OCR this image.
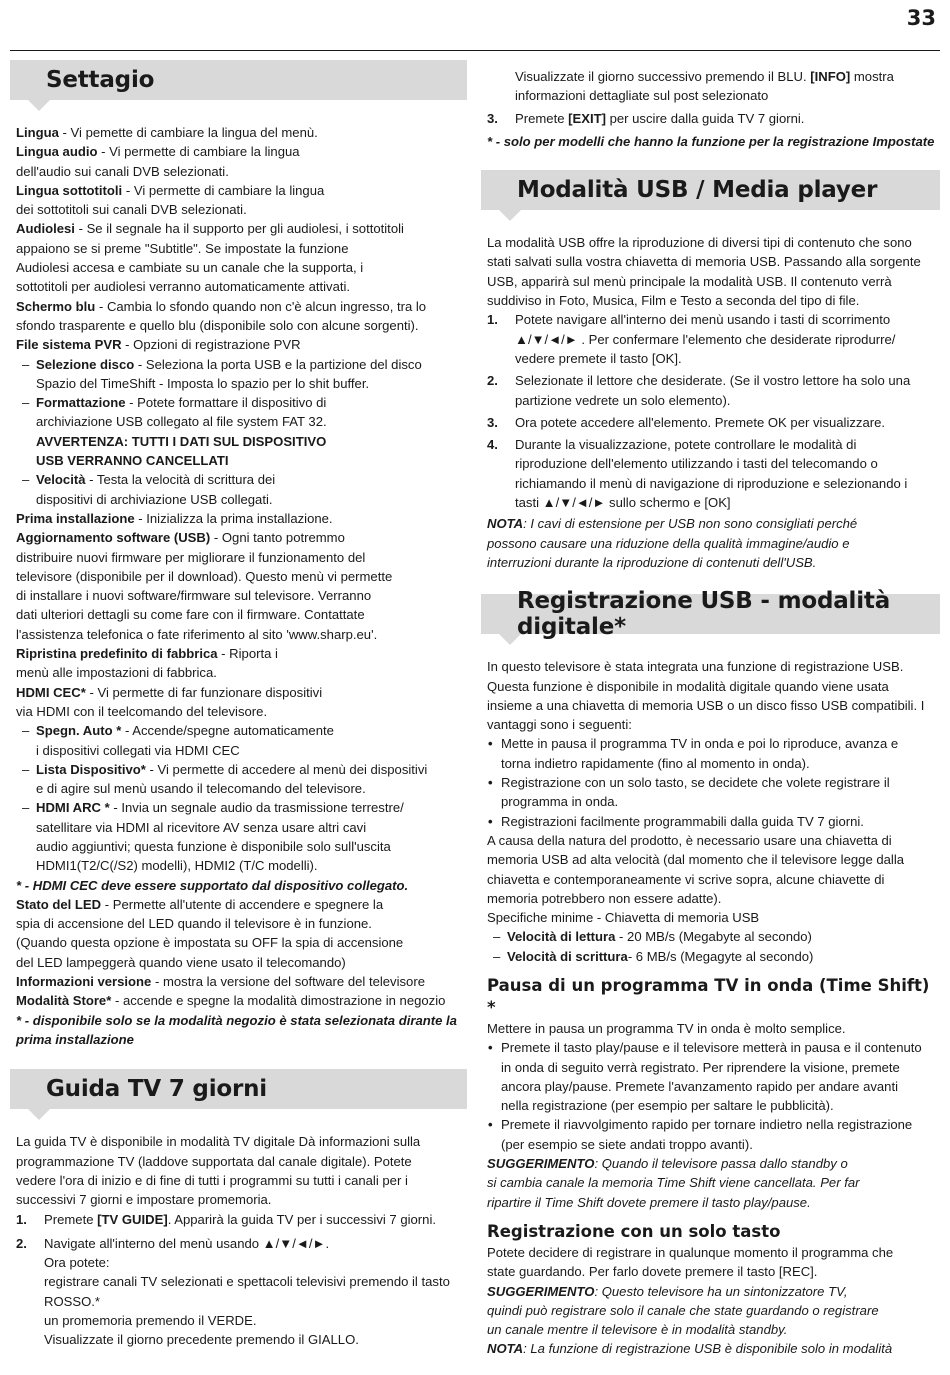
33
Settagio
Lingua - Vi pemette di cambiare la lingua del menù.
Lingua audio - Vi permette di cambiare la lingua
dell'audio sui canali DVB selezionati.
Lingua sottotitoli - Vi permette di cambiare la lingua
dei sottotitoli sui canali DVB selezionati.
Audiolesi - Se il segnale ha il supporto per gli audiolesi, i sottotitoli
appaiono se si preme "Subtitle". Se impostate la funzione
Audiolesi accesa e cambiate su un canale che la supporta, i
sottotitoli per audiolesi verranno automaticamente attivati.
Schermo blu - Cambia lo sfondo quando non c'è alcun ingresso, tra lo
sfondo trasparente e quello blu (disponibile solo con alcune sorgenti).
File sistema PVR - Opzioni di registrazione PVR
– Selezione disco - Seleziona la porta USB e la partizione del disco
Spazio del TimeShift - Imposta lo spazio per lo shit buffer.
– Formattazione - Potete formattare il dispositivo di
archiviazione USB collegato al file system FAT 32.
AVVERTENZA: TUTTI I DATI SUL DISPOSITIVO
USB VERRANNO CANCELLATI
– Velocità - Testa la velocità di scrittura dei
dispositivi di archiviazione USB collegati.
Prima installazione - Inizializza la prima installazione.
Aggiornamento software (USB) - Ogni tanto potremmo
distribuire nuovi firmware per migliorare il funzionamento del
televisore (disponibile per il download). Questo menù vi permette
di installare i nuovi software/firmware sul televisore. Verranno
dati ulteriori dettagli su come fare con il firmware. Contattate
l'assistenza telefonica o fate riferimento al sito 'www.sharp.eu'.
Ripristina predefinito di fabbrica - Riporta i
menù alle impostazioni di fabbrica.
HDMI CEC* - Vi permette di far funzionare dispositivi
via HDMI con il teelcomando del televisore.
– Spegn. Auto * - Accende/spegne automaticamente
i dispositivi collegati via HDMI CEC
– Lista Dispositivo* - Vi permette di accedere al menù dei dispositivi
e di agire sul menù usando il telecomando del televisore.
– HDMI ARC * - Invia un segnale audio da trasmissione terrestre/
satellitare via HDMI al ricevitore AV senza usare altri cavi
audio aggiuntivi; questa funzione è disponibile solo sull'uscita
HDMI1(T2/C(/S2) modelli), HDMI2 (T/C modelli).

* - HDMI CEC deve essere supportato dal dispositivo collegato.

Stato del LED - Permette all'utente di accendere e spegnere la
spia di accensione del LED quando il televisore è in funzione.
(Quando questa opzione è impostata su OFF la spia di accensione
del LED lampeggerà quando viene usato il telecomando)
Informazioni versione - mostra la versione del software del televisore
Modalità Store* - accende e spegne la modalità dimostrazione in negozio

* - disponibile solo se la modalità negozio è stata selezionata dirante la

prima installazione

Guida TV 7 giorni

La guida TV è disponibile in modalità TV digitale Dà informazioni sulla

programmazione TV (laddove supportata dal canale digitale). Potete

vedere l'ora di inizio e di fine di tutti i programmi su tutti i canali per i

successivi 7 giorni e impostare promemoria.

1. Premete [TV GUIDE]. Apparirà la guida TV per i successivi 7 giorni.
2. Navigate all'interno del menù usando ▲/▼/◄/►.
Ora potete:
registrare canali TV selezionati e spettacoli televisivi premendo il tasto
ROSSO.*
un promemoria premendo il VERDE.
Visualizzate il giorno precedente premendo il GIALLO.
Visualizzate il giorno successivo premendo il BLU. [INFO] mostra
informazioni dettagliate sul post selezionato
3. Premete [EXIT] per uscire dalla guida TV 7 giorni.

* - solo per modelli che hanno la funzione per la registrazione Impostate

Modalità USB / Media player

La modalità USB offre la riproduzione di diversi tipi di contenuto che sono

stati salvati sulla vostra chiavetta di memoria USB. Passando alla sorgente

USB, apparirà sul menù principale la modalità USB. Il contenuto verrà

suddiviso in Foto, Musica, Film e Testo a seconda del tipo di file.

1. Potete navigare all'interno dei menù usando i tasti di scorrimento
▲/▼/◄/► . Per confermare l'elemento che desiderate riprodurre/
vedere premete il tasto [OK].
2. Selezionate il lettore che desiderate. (Se il vostro lettore ha solo una
partizione vedrete un solo elemento).
3. Ora potete accedere all'elemento. Premete OK per visualizzare.
4. Durante la visualizzazione, potete controllare le modalità di
riproduzione dell'elemento utilizzando i tasti del telecomando o
richiamando il menù di navigazione di riproduzione e selezionando i
tasti ▲/▼/◄/► sullo schermo e [OK]
NOTA: I cavi di estensione per USB non sono consigliati perché
possono causare una riduzione della qualità immagine/audio e
interruzioni durante la riproduzione di contenuti dell'USB.
Registrazione USB - modalità digitale*

In questo televisore è stata integrata una funzione di registrazione USB.

Questa funzione è disponibile in modalità digitale quando viene usata

insieme a una chiavetta di memoria USB o un disco fisso USB compatibili. I

vantaggi sono i seguenti:

• Mette in pausa il programma TV in onda e poi lo riproduce, avanza e
torna indietro rapidamente (fino al momento in onda).
• Registrazione con un solo tasto, se decidete che volete registrare il
programma in onda.
• Registrazioni facilmente programmabili dalla guida TV 7 giorni.

A causa della natura del prodotto, è necessario usare una chiavetta di

memoria USB ad alta velocità (dal momento che il televisore legge dalla

chiavetta e contemporaneamente vi scrive sopra, alcune chiavette di

memoria potrebbero non essere adatte).

Specifiche minime - Chiavetta di memoria USB

– Velocità di lettura - 20 MB/s (Megabyte al secondo)
– Velocità di scrittura- 6 MB/s (Megagyte al secondo)
Pausa di un programma TV in onda (Time Shift) *

Mettere in pausa un programma TV in onda è molto semplice.

• Premete il tasto play/pause e il televisore metterà in pausa e il contenuto
in onda di seguito verrà registrato. Per riprendere la visione, premete
ancora play/pause. Premete l'avanzamento rapido per andare avanti
nella registrazione (per esempio per saltare le pubblicità).
• Premete il riavvolgimento rapido per tornare indietro nella registrazione
(per esempio se siete andati troppo avanti).
SUGGERIMENTO: Quando il televisore passa dallo standby o
si cambia canale la memoria Time Shift viene cancellata. Per far
ripartire il Time Shift dovete premere il tasto play/pause.
Registrazione con un solo tasto

Potete decidere di registrare in qualunque momento il programma che

state guardando. Per farlo dovete premere il tasto [REC].

SUGGERIMENTO: Questo televisore ha un sintonizzatore TV,
quindi può registrare solo il canale che state guardando o registrare
un canale mentre il televisore è in modalità standby.
NOTA: La funzione di registrazione USB è disponibile solo in modalità
